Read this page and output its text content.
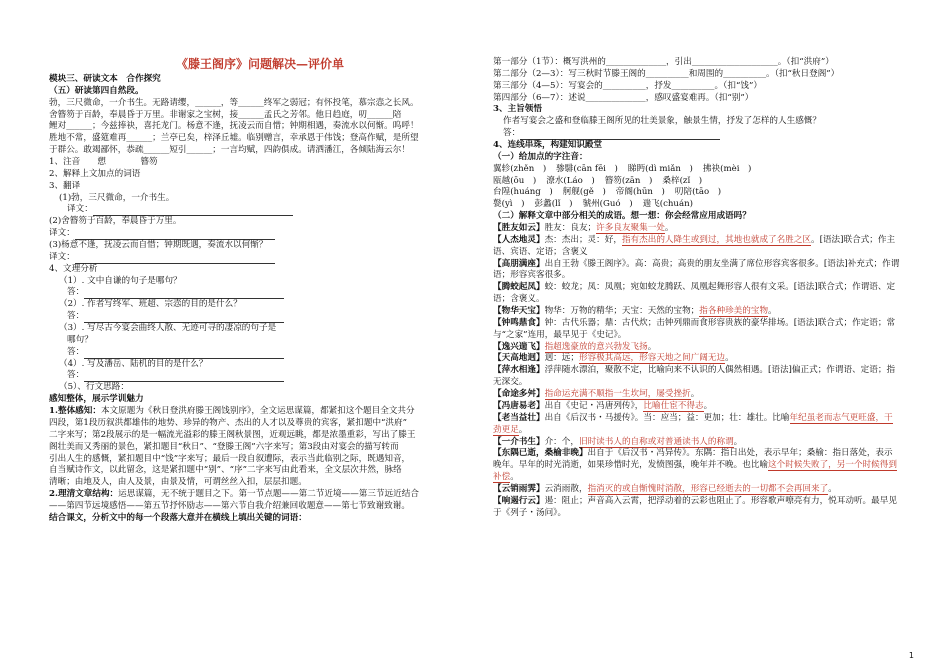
《滕王阁序》问题解决—评价单
模块三、研读文本　合作探究
（五）研读第四自然段。
勃，三尺微命，一介书生。无路请缨，______，等______终军之弱冠；有怀投笔，慕宗悫之长风。
舍簪笏于百龄，奉晨昏于万里。非谢家之宝树，接______孟氏之芳邻。他日趋庭，叨______陪
鲤对______；今兹捧袂，喜托龙门。杨意不逢，抚凌云而自惜；钟期相遇，奏流水以何惭。呜呼！
胜地不常，盛筵难再______；兰亭已矣，梓泽丘墟。临别赠言，幸承恩于伟饯；登高作赋，是所望
于群公。敢竭鄙怀，恭疏______短引______；一言均赋，四韵俱成。请洒潘江，各倾陆海云尔！
1、注音　　愬　　　　簪笏
2、解释上文加点的词语
3、翻译
(1)勃，三尺微命，一介书生。
译文：
(2)舍簪笏于百龄，奉晨昏于万里。
译文：
(3)杨意不逢，抚凌云而自惜；钟期既遇，奏流水以何惭？
译文：
4、文理分析
（1）. 文中自谦的句子是哪句？
答：
（2）. 作者写终军、班超、宗悫的目的是什么？
答：
（3）. 写尽古今宴会曲终人散、无迹可寻的凄凉的句子是
哪句？
答：
（4）. 写及潘岳、陆机的目的是什么？
答：
（5）、行文思路：
感知整体，展示学训魅力
1.整体感知：本文原题为《秋日登洪府滕王阁饯别序》，全文运思谋篇，都紧扣这个题目全文共分
四段，第1段历叙洪都雄伟的地势、珍异的物产、杰出的人才以及尊贵的宾客，紧扣题中“洪府”
二字来写；第2段展示的是一幅流光溢彩的滕王阁秋景图，近观远眺，都是浓墨重彩，写出了滕王
阁壮美而又秀丽的景色，紧扣题目“秋日”、“登滕王阁”六字来写；第3段由对宴会的描写转而
引出人生的感慨，紧扣题目中“饯”字来写；最后一段自叙遭际，表示当此临别之际，既遇知音，
自当赋诗作文，以此留念，这是紧扣题中“别”、“序”二字来写由此看来，全文层次井然，脉络
清晰；由地及人，由人及景，由景及情，可谓丝丝入扣，层层扣题。
2.理清文章结构：运思谋篇，无不统于题目之下。第一节点题——第二节近境——第三节远近结合
——第四节远境感悟——第五节抒怀励志——第六节自我介绍兼回收题意——第七节致谢致谢。
结合课文，分析文中的每一个段落大意并在横线上填出关键的词语：
第一部分（1节）：概写洪州的______________，引出____________________。（扣“洪府”）
第二部分（2—3）：写三秋时节滕王阁的__________和周围的__________。（扣“秋日登阁”）
第三部分（4—5）：写宴会的__________，抒发__________。（扣“饯”）
第四部分（6—7）：述说______________，感叹盛宴难再。（扣“别”）
3、主旨领悟
作者写宴会之盛和登临滕王阁所见的壮美景象，触景生情，抒发了怎样的人生感慨？
答：
4、连线串珠，构建知识殿堂
（一）给加点的字注音：
翼轸(zhěn　) 骖騑(cān fēi　) 睇眄(dì miǎn　) 拂袂(mèi　)
瓯越(ōu　) 潦水(Láo　) 簪笏(zān　) 桑梓(zǐ　)
台隍(huáng　) 舸舰(gě　) 帝阍(hūn　) 叨陪(tāo　)
甏(yì　) 彭蠡(lǐ　) 虢州(Guó　) 遄飞(chuán)
（二）解释文章中部分相关的成语。想一想：你会经常应用成语吗？
【胜友如云】胜友：良友；许多良友聚集一处。
【人杰地灵】杰：杰出；灵：好，指有杰出的人降生或到过，其地也就成了名胜之区。[语法]联合式；作主语、宾语、定语；含褒义
【高朋满座】出自王勃《滕王阁序》。高：高贵；高贵的朋友坐满了席位形容宾客很多。[语法]补充式；作谓语；形容宾客很多。
【腾蛟起凤】蛟：蛟龙；凤：凤凰；宛如蛟龙腾跃、凤凰起舞形容人很有文采。[语法]联合式；作谓语、定语；含褒义。
【物华天宝】物华：万物的精华；天宝：天然的宝物；指各种珍美的宝物。
【钟鸣鼎食】钟：古代乐器；鼎：古代炊；击钟列鼎而食形容贵族的豪华排场。[语法]联合式；作定语；常与“之家”连用，最早见于《史记》。
【逸兴遄飞】指超逸豪放的意兴勃发飞扬。
【天高地迥】迥：远；形容极其高远，形容天地之间广阔无边。
【萍水相逢】浮萍随水漂泊，聚散不定，比喻向来不认识的人偶然相遇。[语法]偏正式；作谓语、定语；指无深交。
【命途多舛】指命运充满不顺指一生坎坷，屡受挫折。
【冯唐易老】出自《史记・冯唐列传》，比喻仕宦不得志。
【老当益壮】出自《后汉书・马援传》。当：应当；益：更加；壮：雄壮。比喻年纪虽老而志气更旺盛，干劲更足。
【一介书生】介：个，旧时读书人的自称或对普通读书人的称谓。
【东隅已逝，桑榆非晚】出自于《后汉书・冯异传》。东隅：指日出处，表示早年；桑榆：指日落处，表示晚年。早年的时光消逝，如果珍惜时光，发愤图强，晚年并不晚。也比喻这个时候失败了，另一个时候得到补偿。
【云销雨霁】云消雨散，指消灭的或自惭愧时消散，形容已经逝去的一切都不会再回来了。
【响遏行云】遏：阻止；声音高入云霄，把浮动着的云彩也阻止了。形容歌声嘹亮有力，悦耳动听。最早见于《列子・汤问》。
1
